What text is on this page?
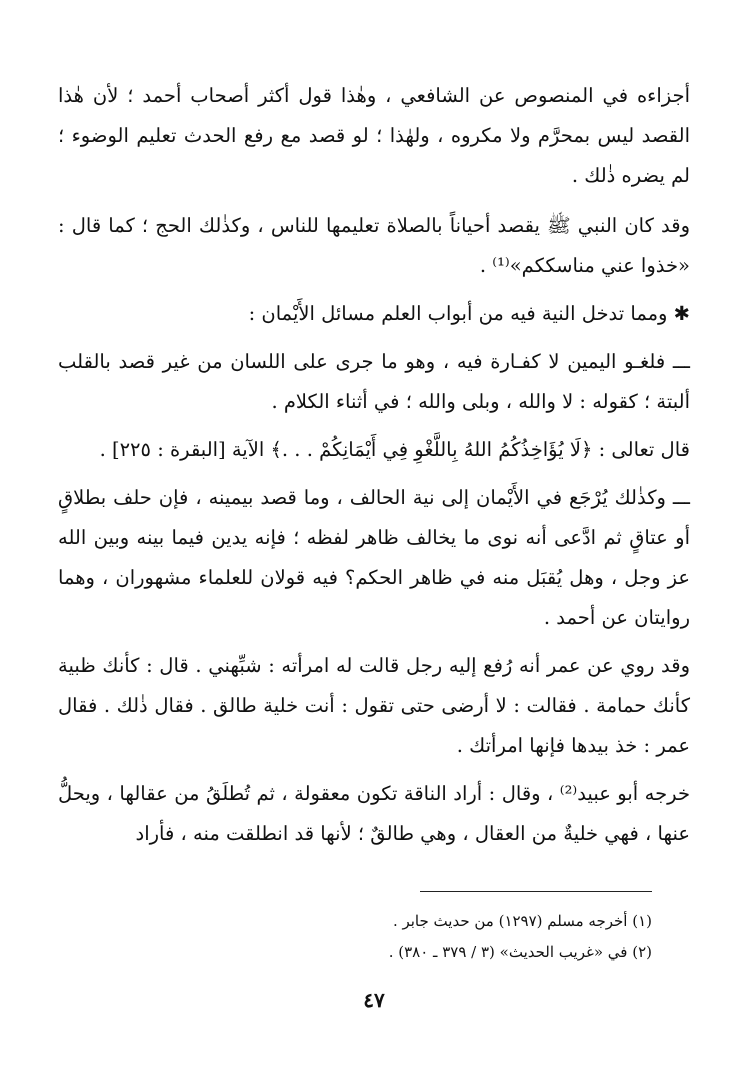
أجزاءه في المنصوص عن الشافعي ، وهٰذا قول أكثر أصحاب أحمد ؛ لأن هٰذا القصد ليس بمحرَّم ولا مكروه ، ولهٰذا ؛ لو قصد مع رفع الحدث تعليم الوضوء ؛ لم يضره ذٰلك .

وقد كان النبي ﷺ يقصد أحياناً بالصلاة تعليمها للناس ، وكذٰلك الحج ؛ كما قال : «خذوا عني مناسككم»⁽¹⁾ .

✱ ومما تدخل النية فيه من أبواب العلم مسائل الأَيْمان :

ـــ فلغـو اليمين لا كفـارة فيه ، وهو ما جرى على اللسان من غير قصد بالقلب ألبتة ؛ كقوله : لا والله ، وبلى والله ؛ في أثناء الكلام .

قال تعالى : ﴿لَا يُؤَاخِذُكُمُ اللهُ بِاللَّغْوِ فِي أَيْمَانِكُمْ . . .﴾ الآية [البقرة : ٢٢٥] .

ـــ وكذٰلك يُرْجَع في الأَيْمان إلى نية الحالف ، وما قصد بيمينه ، فإن حلف بطلاقٍ أو عتاقٍ ثم ادَّعى أنه نوى ما يخالف ظاهر لفظه ؛ فإنه يدين فيما بينه وبين الله عز وجل ، وهل يُقبَل منه في ظاهر الحكم؟ فيه قولان للعلماء مشهوران ، وهما روايتان عن أحمد .

وقد روي عن عمر أنه رُفع إليه رجل قالت له امرأته : شبِّهني . قال : كأنك ظبية كأنك حمامة . فقالت : لا أرضى حتى تقول : أنت خلية طالق . فقال ذٰلك . فقال عمر : خذ بيدها فإنها امرأتك .

خرجه أبو عبيد⁽²⁾ ، وقال : أراد الناقة تكون معقولة ، ثم تُطلَقُ من عقالها ، ويحلُّ عنها ، فهي خليةٌ من العقال ، وهي طالقٌ ؛ لأنها قد انطلقت منه ، فأراد

(١) أخرجه مسلم (١٢٩٧) من حديث جابر .
(٢) في «غريب الحديث» (٣ / ٣٧٩ ـ ٣٨٠) .
٤٧
